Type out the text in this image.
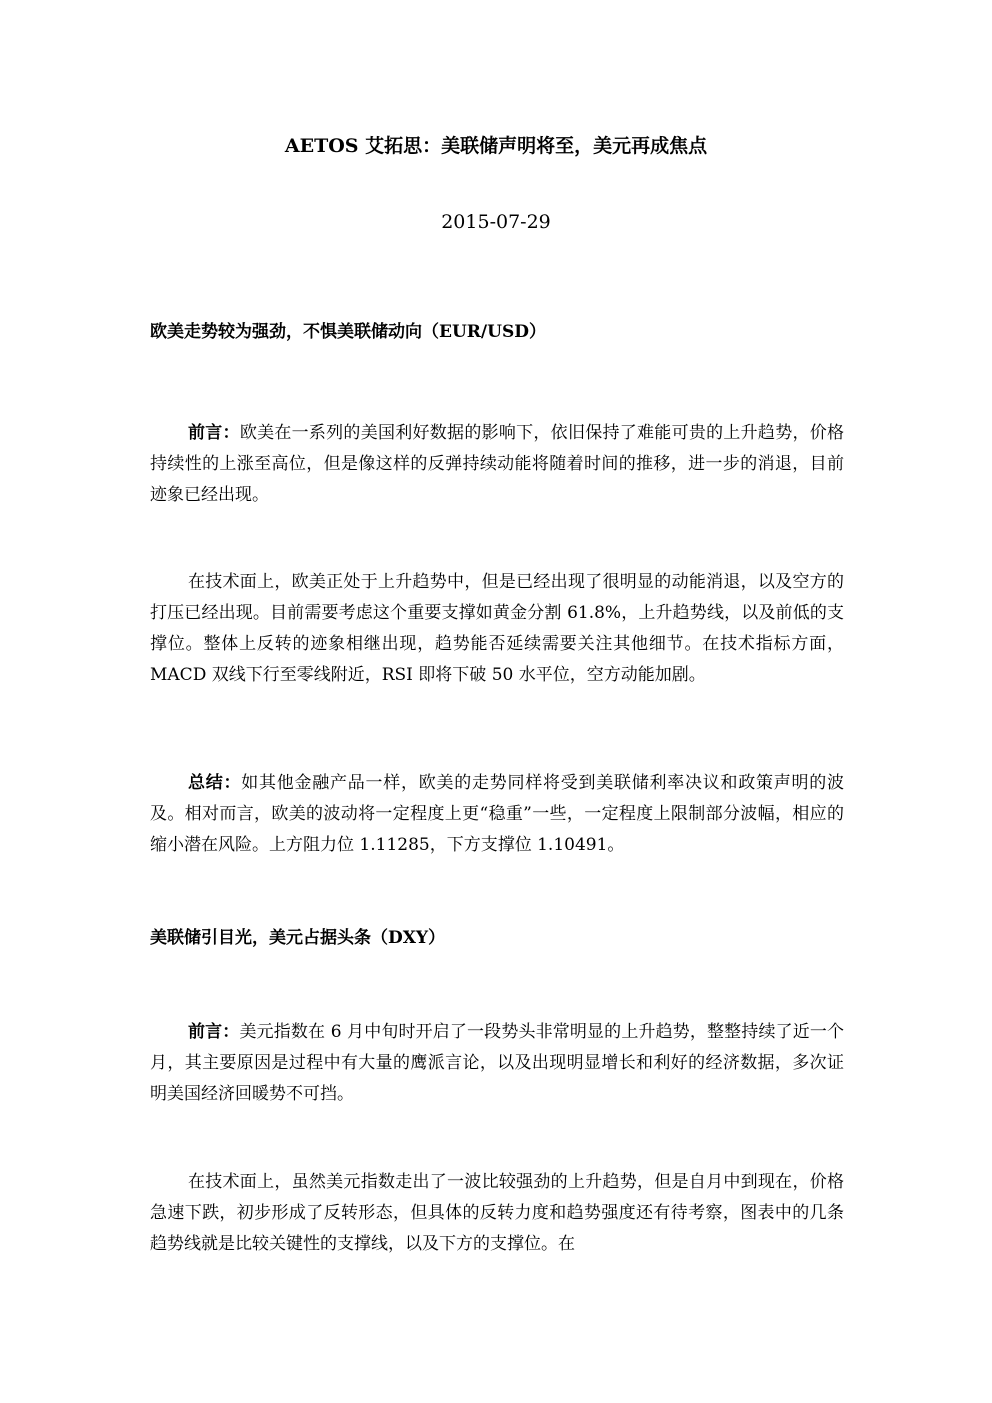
AETOS 艾拓思：美联储声明将至，美元再成焦点
2015-07-29
欧美走势较为强劲，不惧美联储动向（EUR/USD）
前言：欧美在一系列的美国利好数据的影响下，依旧保持了难能可贵的上升趋势，价格持续性的上涨至高位，但是像这样的反弹持续动能将随着时间的推移，进一步的消退，目前迹象已经出现。
在技术面上，欧美正处于上升趋势中，但是已经出现了很明显的动能消退，以及空方的打压已经出现。目前需要考虑这个重要支撑如黄金分割 61.8%，上升趋势线，以及前低的支撑位。整体上反转的迹象相继出现，趋势能否延续需要关注其他细节。在技术指标方面，MACD 双线下行至零线附近，RSI 即将下破 50 水平位，空方动能加剧。
总结：如其他金融产品一样，欧美的走势同样将受到美联储利率决议和政策声明的波及。相对而言，欧美的波动将一定程度上更“稳重”一些，一定程度上限制部分波幅，相应的缩小潜在风险。上方阻力位 1.11285，下方支撑位 1.10491。
美联储引目光，美元占据头条（DXY）
前言：美元指数在 6 月中旬时开启了一段势头非常明显的上升趋势，整整持续了近一个月，其主要原因是过程中有大量的鹰派言论，以及出现明显增长和利好的经济数据，多次证明美国经济回暖势不可挡。
在技术面上，虽然美元指数走出了一波比较强劲的上升趋势，但是自月中到现在，价格急速下跌，初步形成了反转形态，但具体的反转力度和趋势强度还有待考察，图表中的几条趋势线就是比较关键性的支撑线，以及下方的支撑位。在
